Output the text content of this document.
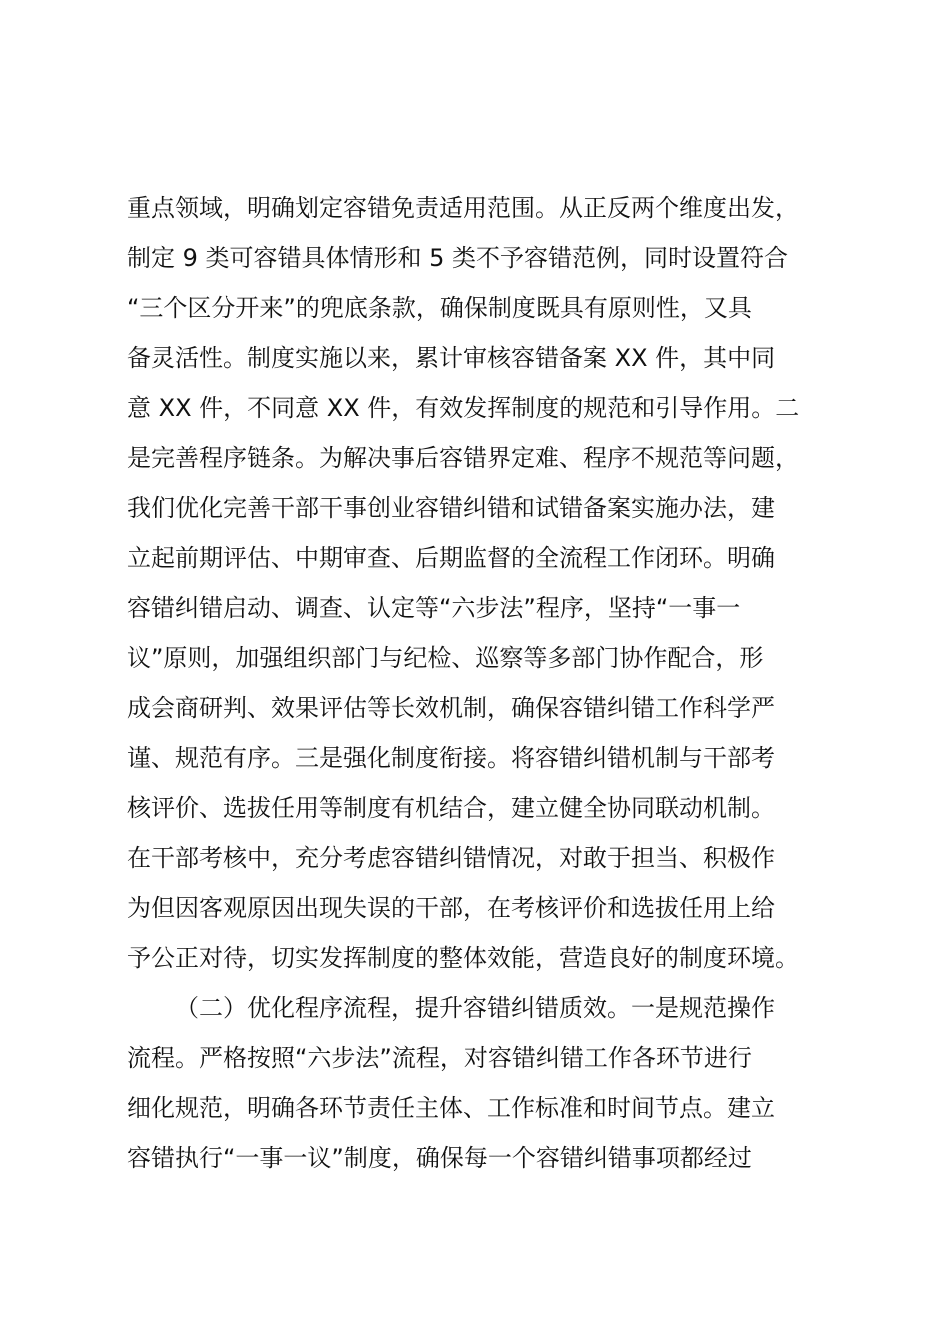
重点领域，明确划定容错免责适用范围。从正反两个维度出发，
制定 9 类可容错具体情形和 5 类不予容错范例，同时设置符合
“三个区分开来”的兜底条款，确保制度既具有原则性，又具
备灵活性。制度实施以来，累计审核容错备案 XX 件，其中同
意 XX 件，不同意 XX 件，有效发挥制度的规范和引导作用。二
是完善程序链条。为解决事后容错界定难、程序不规范等问题，
我们优化完善干部干事创业容错纠错和试错备案实施办法，建
立起前期评估、中期审查、后期监督的全流程工作闭环。明确
容错纠错启动、调查、认定等“六步法”程序，坚持“一事一
议”原则，加强组织部门与纪检、巡察等多部门协作配合，形
成会商研判、效果评估等长效机制，确保容错纠错工作科学严
谨、规范有序。三是强化制度衔接。将容错纠错机制与干部考
核评价、选拔任用等制度有机结合，建立健全协同联动机制。
在干部考核中，充分考虑容错纠错情况，对敢于担当、积极作
为但因客观原因出现失误的干部，在考核评价和选拔任用上给
予公正对待，切实发挥制度的整体效能，营造良好的制度环境。
（二）优化程序流程，提升容错纠错质效。一是规范操作
流程。严格按照“六步法”流程，对容错纠错工作各环节进行
细化规范，明确各环节责任主体、工作标准和时间节点。建立
容错执行“一事一议”制度，确保每一个容错纠错事项都经过
